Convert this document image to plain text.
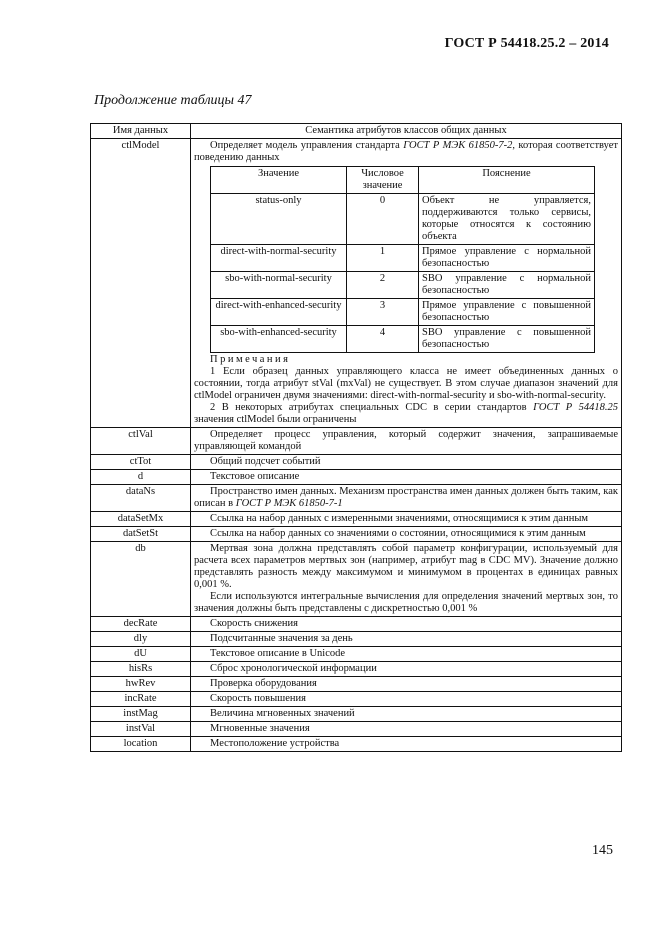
ГОСТ Р 54418.25.2 – 2014
Продолжение таблицы 47
Имя данных	Семантика атрибутов классов общих данных
ctlModel	Определяет модель управления стандарта ГОСТ Р МЭК 61850-7-2, которая соответствует поведению данных

Значение	Числовое значение	Пояснение
status-only	0	Объект не управляется, поддерживаются только сервисы, которые относятся к состоянию объекта
direct-with-normal-security	1	Прямое управление с нормальной безопасностью
sbo-with-normal-security	2	SBO управление с нормальной безопасностью
direct-with-enhanced-security	3	Прямое управление с повышенной безопасностью
sbo-with-enhanced-security	4	SBO управление с повышенной безопасностью

Примечания

1 Если образец данных управляющего класса не имеет объединенных данных о состоянии, тогда атрибут stVal (mxVal) не существует. В этом случае диапазон значений для ctlModel ограничен двумя значениями: direct-with-normal-security и sbo-with-normal-security.

2 В некоторых атрибутах специальных CDC в серии стандартов ГОСТ Р 54418.25 значения ctlModel были ограничены

ctlVal	Определяет процесс управления, который содержит значения, запрашиваемые управляющей командой
ctTot	Общий подсчет событий
d	Текстовое описание
dataNs	Пространство имен данных. Механизм пространства имен данных должен быть таким, как описан в ГОСТ Р МЭК 61850-7-1
dataSetMx	Ссылка на набор данных с измеренными значениями, относящимися к этим данным
datSetSt	Ссылка на набор данных со значениями о состоянии, относящимися к этим данным
db	Мертвая зона должна представлять собой параметр конфигурации, используемый для расчета всех параметров мертвых зон (например, атрибут mag в CDC MV). Значение должно представлять разность между максимумом и минимумом в процентах в единицах равных 0,001 %.

Если используются интегральные вычисления для определения значений мертвых зон, то значения должны быть представлены с дискретностью 0,001 %

decRate	Скорость снижения
dly	Подсчитанные значения за день
dU	Текстовое описание в Unicode
hisRs	Сброс хронологической информации
hwRev	Проверка оборудования
incRate	Скорость повышения
instMag	Величина мгновенных значений
instVal	Мгновенные значения
location	Местоположение устройства
145
